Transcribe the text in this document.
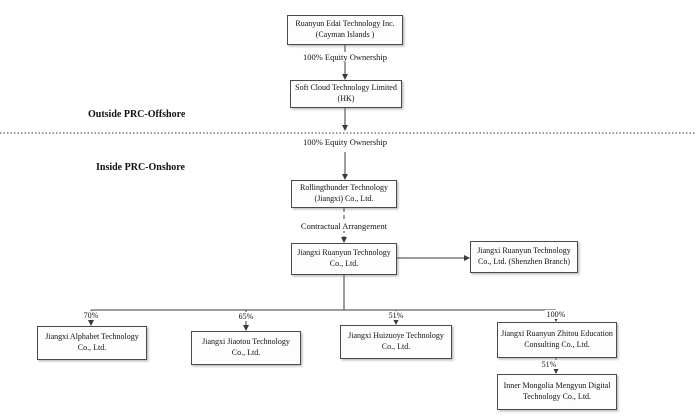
Outside PRC-Offshore
Inside PRC-Onshore
100% Equity Ownership
100% Equity Ownership
Contractual Arrangement
70%	65%	51%	100%
51%
Ruanyun Edai Technology Inc.
(Cayman Islands )
Soft Cloud Technology Limited
(HK)
Rollingthunder Technology
(Jiangxi) Co., Ltd.
Jiangxi Ruanyun Technology
Co., Ltd.
Jiangxi Ruanyun Technology
Co., Ltd. (Shenzhen Branch)
Jiangxi Alphabet Technology
Co., Ltd.
Jiangxi Jiaotou Technology
Co., Ltd.
Jiangxi Huizuoye Technology
Co., Ltd.
Jiangxi Ruanyun Zhitou Education
Consulting Co., Ltd.
Inner Mongolia Mengyun Digital
Technology Co., Ltd.
